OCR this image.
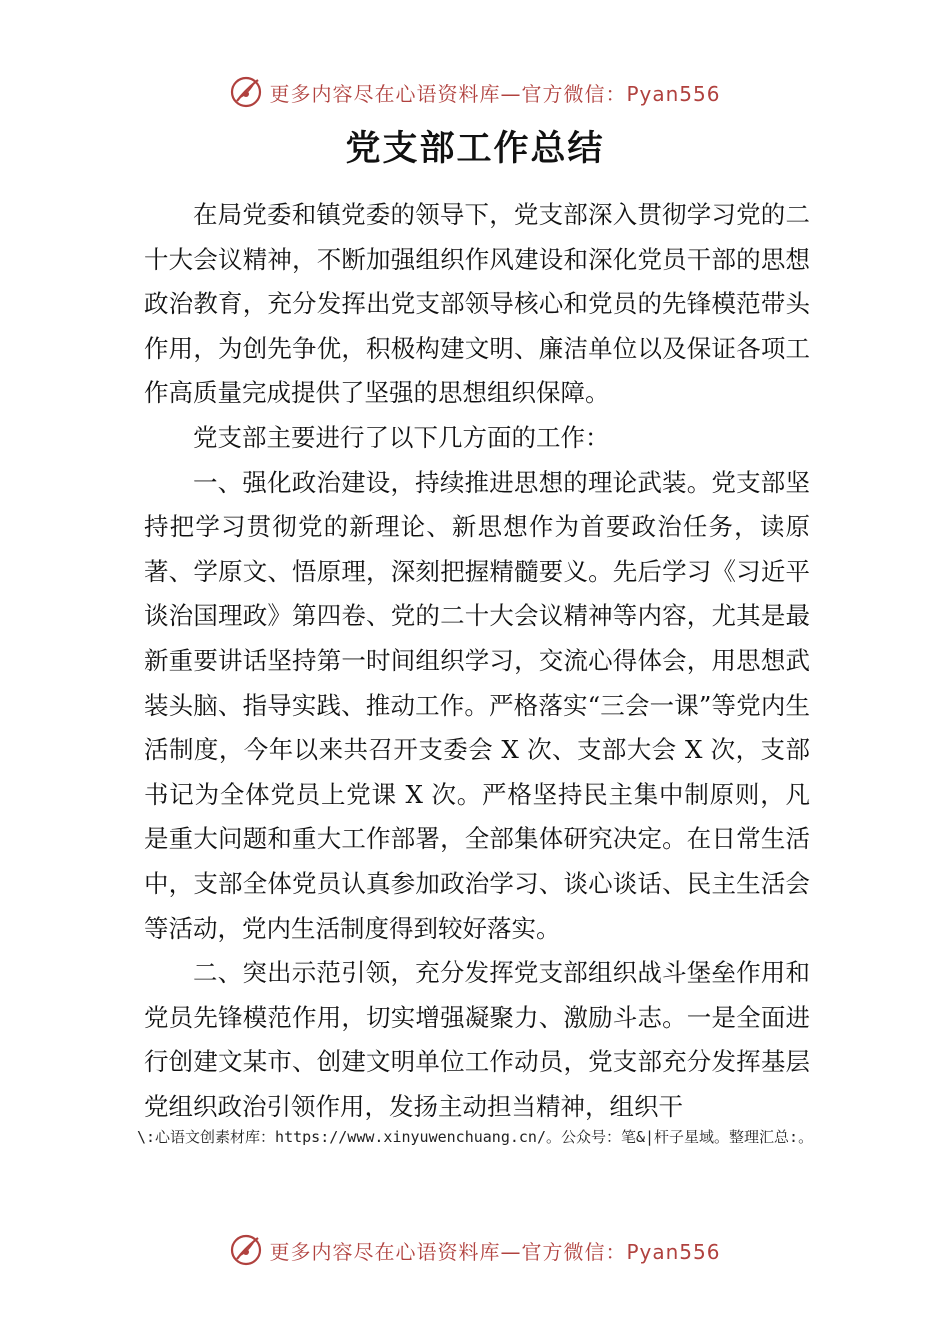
更多内容尽在心语资料库—官方微信：Pyan556
党支部工作总结

在局党委和镇党委的领导下，党支部深入贯彻学习党的二十大会议精神，不断加强组织作风建设和深化党员干部的思想政治教育，充分发挥出党支部领导核心和党员的先锋模范带头作用，为创先争优，积极构建文明、廉洁单位以及保证各项工作高质量完成提供了坚强的思想组织保障。

党支部主要进行了以下几方面的工作：

一、强化政治建设，持续推进思想的理论武装。党支部坚持把学习贯彻党的新理论、新思想作为首要政治任务，读原著、学原文、悟原理，深刻把握精髓要义。先后学习《习近平谈治国理政》第四卷、党的二十大会议精神等内容，尤其是最新重要讲话坚持第一时间组织学习，交流心得体会，用思想武装头脑、指导实践、推动工作。严格落实“三会一课”等党内生活制度，今年以来共召开支委会 X 次、支部大会 X 次，支部书记为全体党员上党课 X 次。严格坚持民主集中制原则，凡是重大问题和重大工作部署，全部集体研究决定。在日常生活中，支部全体党员认真参加政治学习、谈心谈话、民主生活会等活动，党内生活制度得到较好落实。

二、突出示范引领，充分发挥党支部组织战斗堡垒作用和党员先锋模范作用，切实增强凝聚力、激励斗志。一是全面进行创建文某市、创建文明单位工作动员，党支部充分发挥基层党组织政治引领作用，发扬主动担当精神，组织干

\:心语文创素材库：https://www.xinyuwenchuang.cn/。公众号：笔&|杆子星域。整理汇总:。

更多内容尽在心语资料库—官方微信：Pyan556
